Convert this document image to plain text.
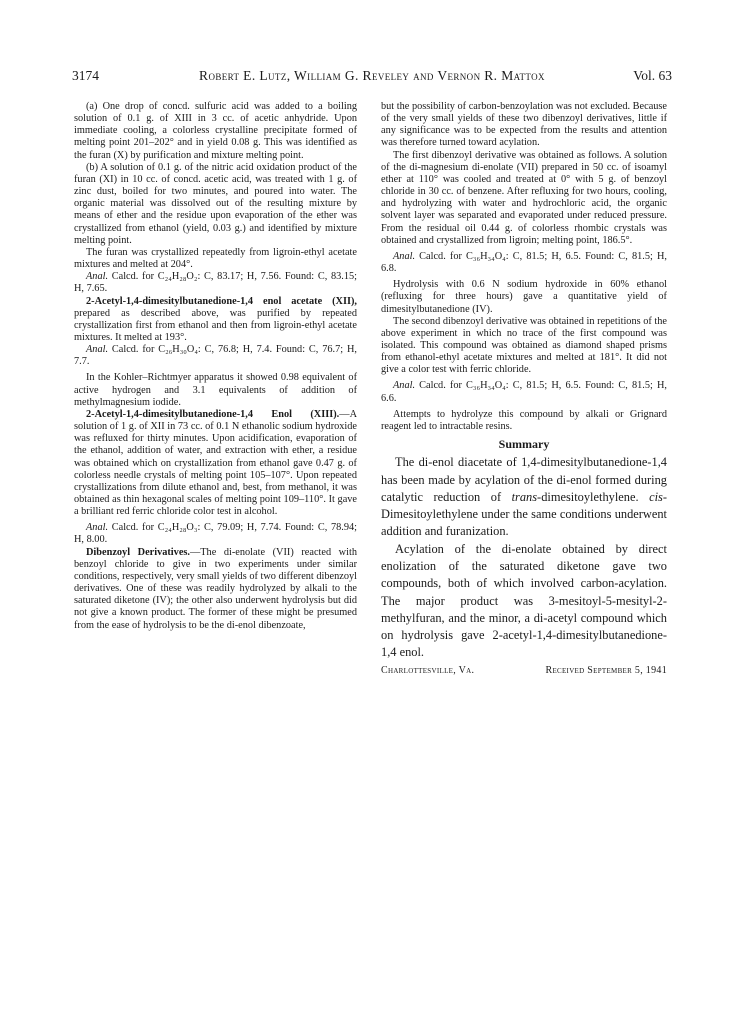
3174	Robert E. Lutz, William G. Reveley and Vernon R. Mattox	Vol. 63

(a) One drop of concd. sulfuric acid was added to a boiling solution of 0.1 g. of XIII in 3 cc. of acetic anhydride. Upon immediate cooling, a colorless crystalline precipitate formed of melting point 201–202° and in yield 0.08 g. This was identified as the furan (X) by purification and mixture melting point.

(b) A solution of 0.1 g. of the nitric acid oxidation product of the furan (XI) in 10 cc. of concd. acetic acid, was treated with 1 g. of zinc dust, boiled for two minutes, and poured into water. The organic material was dissolved out of the resulting mixture by means of ether and the residue upon evaporation of the ether was crystallized from ethanol (yield, 0.03 g.) and identified by mixture melting point.

The furan was crystallized repeatedly from ligroin-ethyl acetate mixtures and melted at 204°.

Anal. Calcd. for C₂₄H₂₈O₂: C, 83.17; H, 7.56. Found: C, 83.15; H, 7.65.

2-Acetyl-1,4-dimesitylbutanedione-1,4 enol acetate (XII), prepared as described above, was purified by repeated crystallization first from ethanol and then from ligroin-ethyl acetate mixtures. It melted at 193°.

Anal. Calcd. for C₂₆H₃₀O₄: C, 76.8; H, 7.4. Found: C, 76.7; H, 7.7.

In the Kohler–Richtmyer apparatus it showed 0.98 equivalent of active hydrogen and 3.1 equivalents of addition of methylmagnesium iodide.

2-Acetyl-1,4-dimesitylbutanedione-1,4 Enol (XIII).—A solution of 1 g. of XII in 73 cc. of 0.1 N ethanolic sodium hydroxide was refluxed for thirty minutes. Upon acidification, evaporation of the ethanol, addition of water, and extraction with ether, a residue was obtained which on crystallization from ethanol gave 0.47 g. of colorless needle crystals of melting point 105–107°. Upon repeated crystallizations from dilute ethanol and, best, from methanol, it was obtained as thin hexagonal scales of melting point 109–110°. It gave a brilliant red ferric chloride color test in alcohol.

Anal. Calcd. for C₂₄H₂₈O₃: C, 79.09; H, 7.74. Found: C, 78.94; H, 8.00.

Dibenzoyl Derivatives.—The di-enolate (VII) reacted with benzoyl chloride to give in two experiments under similar conditions, respectively, very small yields of two different dibenzoyl derivatives. One of these was readily hydrolyzed by alkali to the saturated diketone (IV); the other also underwent hydrolysis but did not give a known product. The former of these might be presumed from the ease of hydrolysis to be the di-enol dibenzoate,

but the possibility of carbon-benzoylation was not excluded. Because of the very small yields of these two dibenzoyl derivatives, little if any significance was to be expected from the results and attention was therefore turned toward acylation.

The first dibenzoyl derivative was obtained as follows. A solution of the di-magnesium di-enolate (VII) prepared in 50 cc. of isoamyl ether at 110° was cooled and treated at 0° with 5 g. of benzoyl chloride in 30 cc. of benzene. After refluxing for two hours, cooling, and hydrolyzing with water and hydrochloric acid, the organic solvent layer was separated and evaporated under reduced pressure. From the residual oil 0.44 g. of colorless rhombic crystals was obtained and crystallized from ligroin; melting point, 186.5°.

Anal. Calcd. for C₃₆H₃₄O₄: C, 81.5; H, 6.5. Found: C, 81.5; H, 6.8.

Hydrolysis with 0.6 N sodium hydroxide in 60% ethanol (refluxing for three hours) gave a quantitative yield of dimesitylbutanedione (IV).

The second dibenzoyl derivative was obtained in repetitions of the above experiment in which no trace of the first compound was isolated. This compound was obtained as diamond shaped prisms from ethanol-ethyl acetate mixtures and melted at 181°. It did not give a color test with ferric chloride.

Anal. Calcd. for C₃₆H₃₄O₄: C, 81.5; H, 6.5. Found: C, 81.5; H, 6.6.

Attempts to hydrolyze this compound by alkali or Grignard reagent led to intractable resins.

Summary

The di-enol diacetate of 1,4-dimesitylbutanedione-1,4 has been made by acylation of the di-enol formed during catalytic reduction of trans-dimesitoylethylene. cis-Dimesitoylethylene under the same conditions underwent addition and furanization.

Acylation of the di-enolate obtained by direct enolization of the saturated diketone gave two compounds, both of which involved carbon-acylation. The major product was 3-mesitoyl-5-mesityl-2-methylfuran, and the minor, a di-acetyl compound which on hydrolysis gave 2-acetyl-1,4-dimesitylbutanedione-1,4 enol.

Charlottesville, Va.	Received September 5, 1941
